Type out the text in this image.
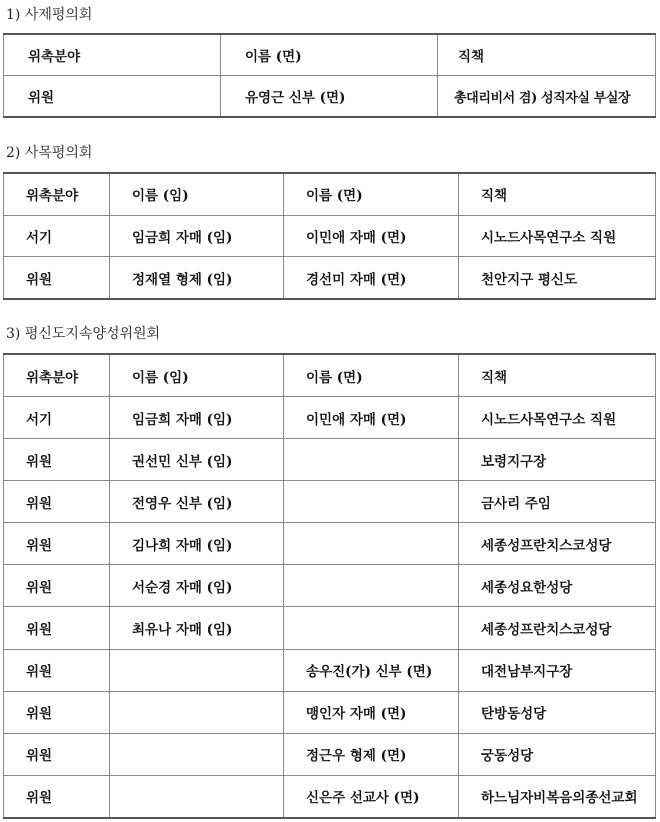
1) 사제평의회
위촉분야	이름 (면)	직책
위원	유영근 신부 (면)	총대리비서 겸) 성직자실 부실장
2) 사목평의회
위촉분야	이름 (임)	이름 (면)	직책
서기	임금희 자매 (임)	이민애 자매 (면)	시노드사목연구소 직원
위원	정재열 형제 (임)	경선미 자매 (면)	천안지구 평신도
3) 평신도지속양성위원회
위촉분야	이름 (임)	이름 (면)	직책
서기	임금희 자매 (임)	이민애 자매 (면)	시노드사목연구소 직원
위원	권선민 신부 (임)		보령지구장
위원	전영우 신부 (임)		금사리 주임
위원	김나희 자매 (임)		세종성프란치스코성당
위원	서순경 자매 (임)		세종성요한성당
위원	최유나 자매 (임)		세종성프란치스코성당
위원		송우진(가) 신부 (면)	대전남부지구장
위원		맹인자 자매 (면)	탄방동성당
위원		정근우 형제 (면)	궁동성당
위원		신은주 선교사 (면)	하느님자비복음의종선교회
